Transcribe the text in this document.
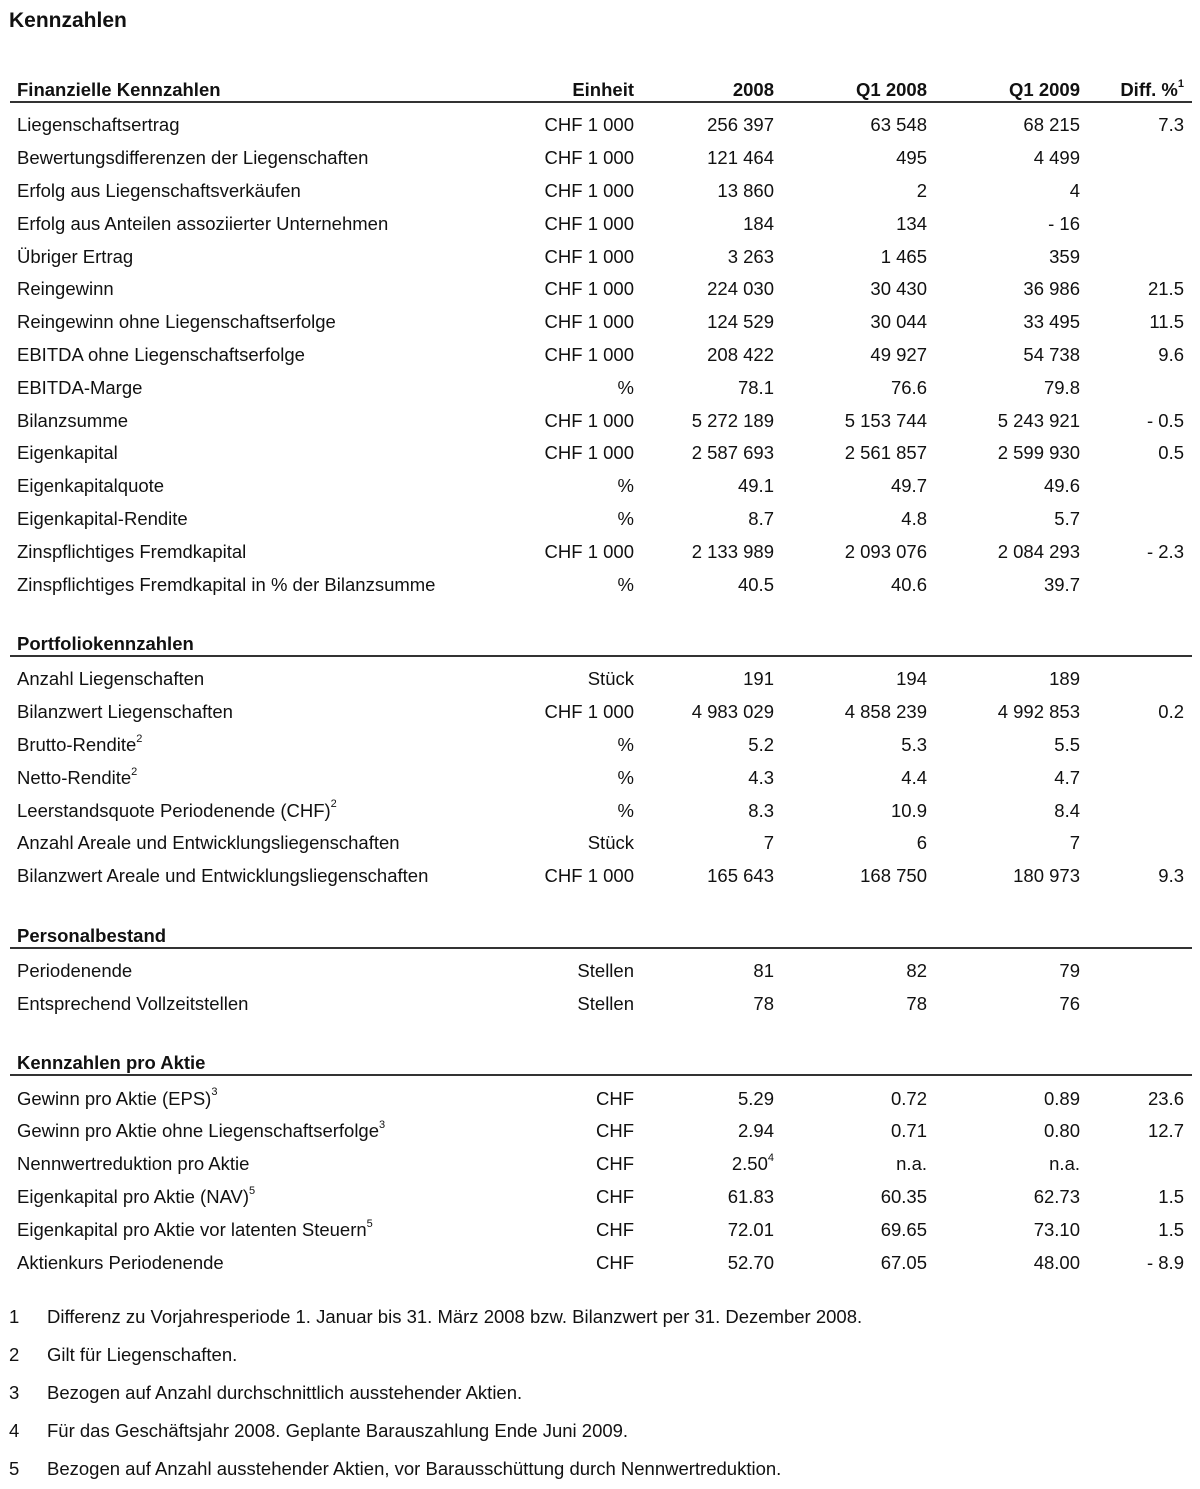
Kennzahlen
Finanzielle Kennzahlen	Einheit	2008	Q1 2008	Q1 2009	Diff. %$^1$

Liegenschaftsertrag	CHF 1 000	256 397	63 548	68 215	7.3
Bewertungsdifferenzen der Liegenschaften	CHF 1 000	121 464	495	4 499	
Erfolg aus Liegenschaftsverkäufen	CHF 1 000	13 860	2	4	
Erfolg aus Anteilen assoziierter Unternehmen	CHF 1 000	184	134	- 16	
Übriger Ertrag	CHF 1 000	3 263	1 465	359	
Reingewinn	CHF 1 000	224 030	30 430	36 986	21.5
Reingewinn ohne Liegenschaftserfolge	CHF 1 000	124 529	30 044	33 495	11.5
EBITDA ohne Liegenschaftserfolge	CHF 1 000	208 422	49 927	54 738	9.6
EBITDA-Marge	%	78.1	76.6	79.8	
Bilanzsumme	CHF 1 000	5 272 189	5 153 744	5 243 921	- 0.5
Eigenkapital	CHF 1 000	2 587 693	2 561 857	2 599 930	0.5
Eigenkapitalquote	%	49.1	49.7	49.6	
Eigenkapital-Rendite	%	8.7	4.8	5.7	
Zinspflichtiges Fremdkapital	CHF 1 000	2 133 989	2 093 076	2 084 293	- 2.3
Zinspflichtiges Fremdkapital in % der Bilanzsumme	%	40.5	40.6	39.7	

Portfoliokennzahlen					

Anzahl Liegenschaften	Stück	191	194	189	
Bilanzwert Liegenschaften	CHF 1 000	4 983 029	4 858 239	4 992 853	0.2
Brutto-Rendite$^2$	%	5.2	5.3	5.5	
Netto-Rendite$^2$	%	4.3	4.4	4.7	
Leerstandsquote Periodenende (CHF)$^2$	%	8.3	10.9	8.4	
Anzahl Areale und Entwicklungsliegenschaften	Stück	7	6	7	
Bilanzwert Areale und Entwicklungsliegenschaften	CHF 1 000	165 643	168 750	180 973	9.3

Personalbestand					

Periodenende	Stellen	81	82	79	
Entsprechend Vollzeitstellen	Stellen	78	78	76	

Kennzahlen pro Aktie					

Gewinn pro Aktie (EPS)$^3$	CHF	5.29	0.72	0.89	23.6
Gewinn pro Aktie ohne Liegenschaftserfolge$^3$	CHF	2.94	0.71	0.80	12.7
Nennwertreduktion pro Aktie	CHF	2.50$^4$	n.a.	n.a.	
Eigenkapital pro Aktie (NAV)$^5$	CHF	61.83	60.35	62.73	1.5
Eigenkapital pro Aktie vor latenten Steuern$^5$	CHF	72.01	69.65	73.10	1.5
Aktienkurs Periodenende	CHF	52.70	67.05	48.00	- 8.9
1	Differenz zu Vorjahresperiode 1. Januar bis 31. März 2008 bzw. Bilanzwert per 31. Dezember 2008.
2	Gilt für Liegenschaften.
3	Bezogen auf Anzahl durchschnittlich ausstehender Aktien.
4	Für das Geschäftsjahr 2008. Geplante Barauszahlung Ende Juni 2009.
5	Bezogen auf Anzahl ausstehender Aktien, vor Barausschüttung durch Nennwertreduktion.
